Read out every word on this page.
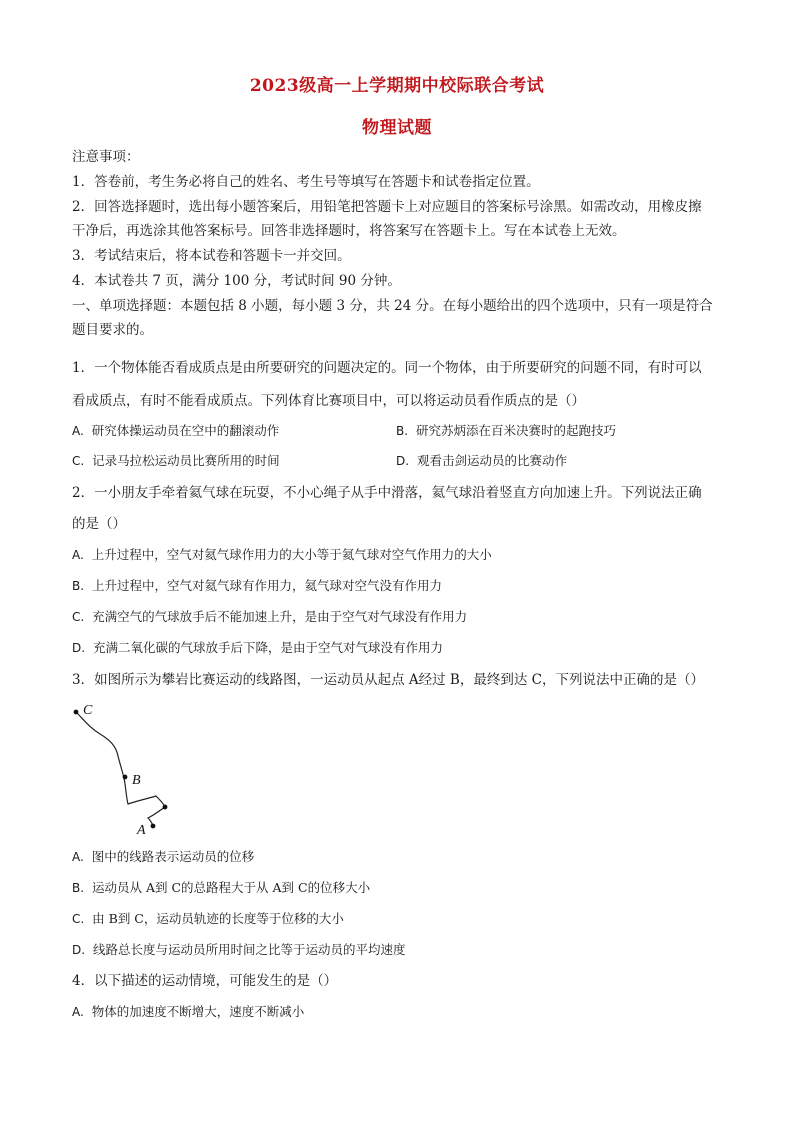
2023级高一上学期期中校际联合考试
物理试题
注意事项：
1．答卷前，考生务必将自己的姓名、考生号等填写在答题卡和试卷指定位置。
2．回答选择题时，选出每小题答案后，用铅笔把答题卡上对应题目的答案标号涂黑。如需改动，用橡皮擦
干净后，再选涂其他答案标号。回答非选择题时，将答案写在答题卡上。写在本试卷上无效。
3．考试结束后，将本试卷和答题卡一并交回。
4．本试卷共 7 页，满分 100 分，考试时间 90 分钟。
一、单项选择题：本题包括 8 小题，每小题 3 分，共 24 分。在每小题给出的四个选项中，只有一项是符合
题目要求的。
1．一个物体能否看成质点是由所要研究的问题决定的。同一个物体，由于所要研究的问题不同，有时可以
看成质点，有时不能看成质点。下列体育比赛项目中，可以将运动员看作质点的是（）
A. 研究体操运动员在空中的翻滚动作	B. 研究苏炳添在百米决赛时的起跑技巧
C. 记录马拉松运动员比赛所用的时间	D. 观看击剑运动员的比赛动作
2．一小朋友手牵着氦气球在玩耍，不小心绳子从手中滑落，氦气球沿着竖直方向加速上升。下列说法正确
的是（）
A. 上升过程中，空气对氦气球作用力的大小等于氦气球对空气作用力的大小
B. 上升过程中，空气对氦气球有作用力，氦气球对空气没有作用力
C. 充满空气的气球放手后不能加速上升，是由于空气对气球没有作用力
D. 充满二氧化碳的气球放手后下降，是由于空气对气球没有作用力
3．如图所示为攀岩比赛运动的线路图，一运动员从起点 A经过 B，最终到达 C，下列说法中正确的是（）
C
B
A
A. 图中的线路表示运动员的位移
B. 运动员从 A到 C的总路程大于从 A到 C的位移大小
C. 由 B到 C，运动员轨迹的长度等于位移的大小
D. 线路总长度与运动员所用时间之比等于运动员的平均速度
4．以下描述的运动情境，可能发生的是（）
A. 物体的加速度不断增大，速度不断减小
